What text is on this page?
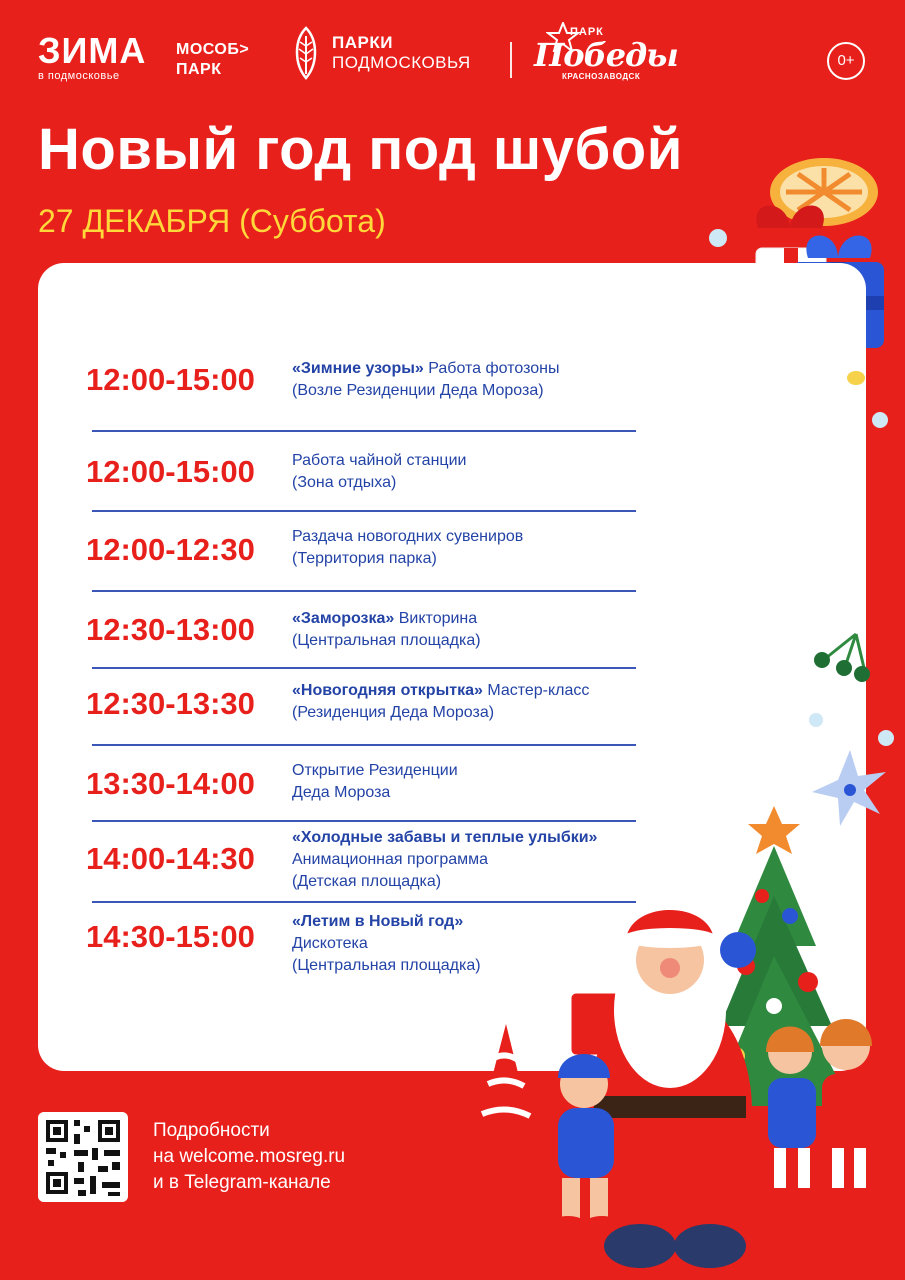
ЗИМА
в подмосковье
МОСОБ>
ПАРК
ПАРКИ
ПОДМОСКОВЬЯ
ПАРК
Победы
КРАСНОЗАВОДСК
0+
Новый год под шубой
27 ДЕКАБРЯ (Суббота)
12:00-15:00 «Зимние узоры» Работа фотозоны
(Возле Резиденции Деда Мороза)
12:00-15:00 Работа чайной станции
(Зона отдыха)
12:00-12:30 Раздача новогодних сувениров
(Территория парка)
12:30-13:00 «Заморозка» Викторина
(Центральная площадка)
12:30-13:30 «Новогодняя открытка» Мастер-класс
(Резиденция Деда Мороза)
13:30-14:00 Открытие Резиденции
Деда Мороза
14:00-14:30
«Холодные забавы и теплые улыбки»
Анимационная программа
(Детская площадка)
14:30-15:00 «Летим в Новый год»
Дискотека
(Центральная площадка)
Подробности
на welcome.mosreg.ru
и в Telegram-канале
